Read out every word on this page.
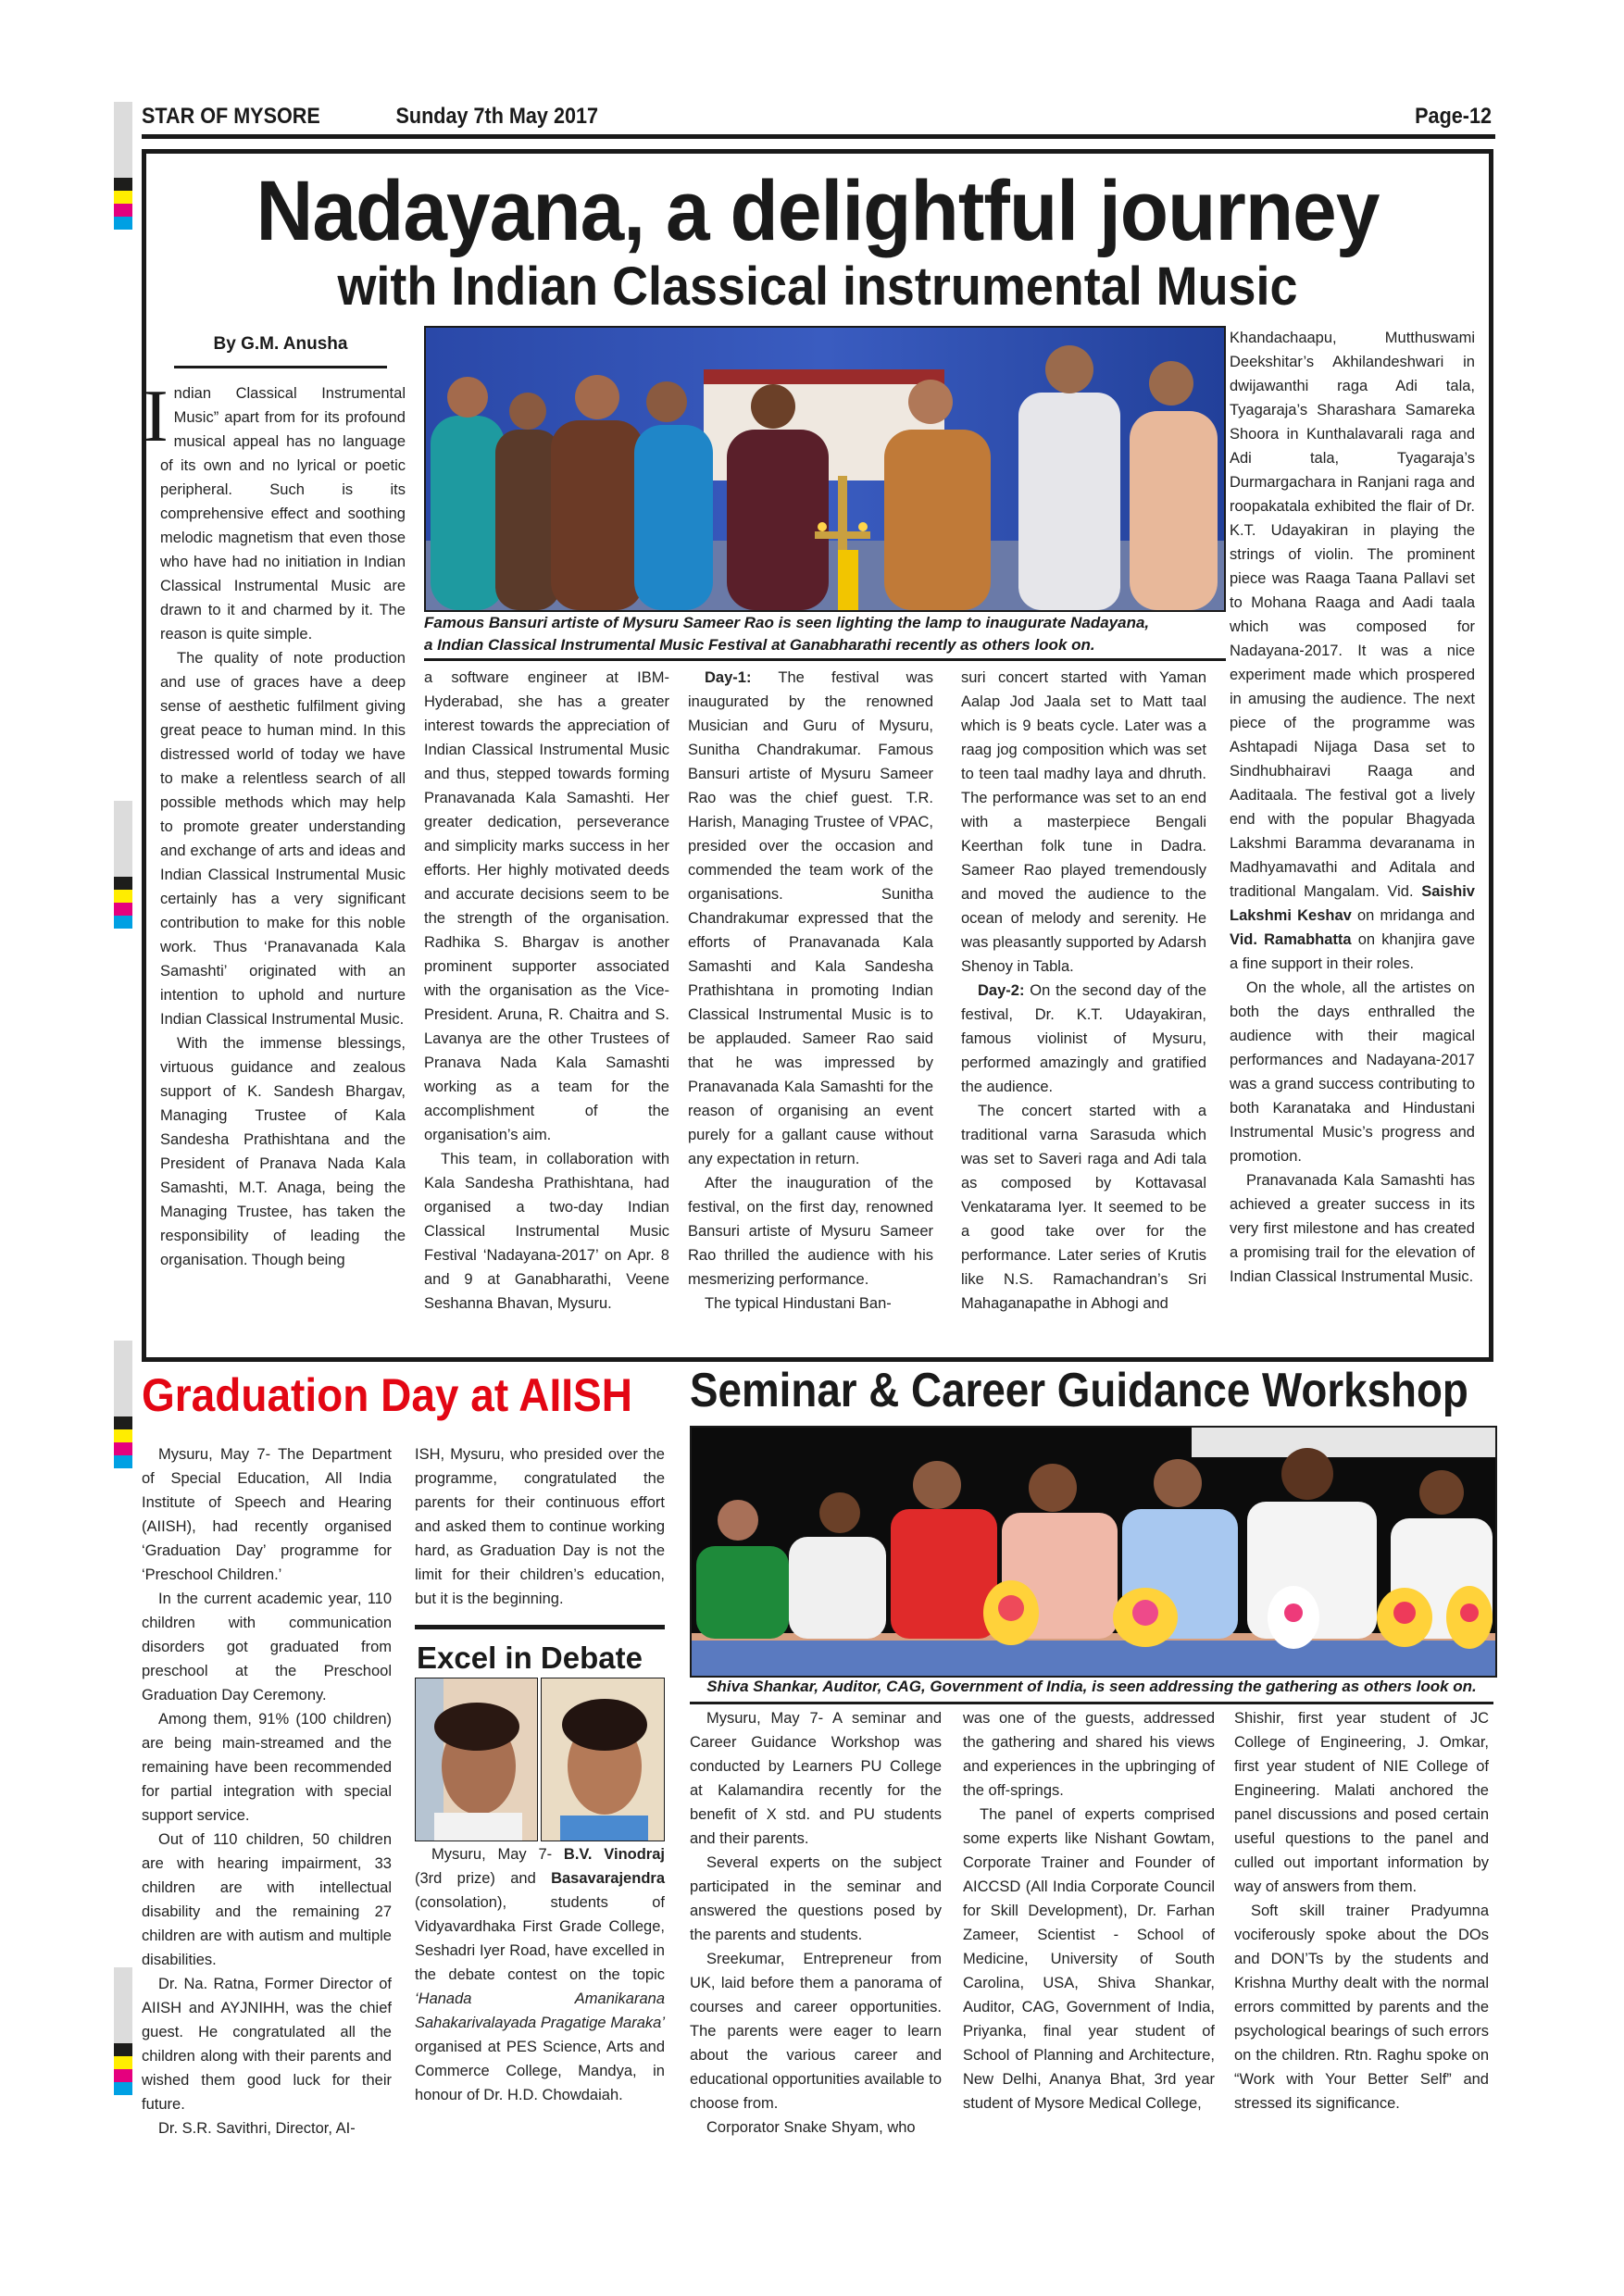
STAR OF MYSORE	Sunday 7th May 2017	Page-12
Nadayana, a delightful journey
with Indian Classical instrumental Music
By G.M. Anusha
Famous Bansuri artiste of Mysuru Sameer Rao is seen lighting the lamp to inaugurate Nadayana,
a Indian Classical Instrumental Music Festival at Ganabharathi recently as others look on.

Indian Classical Instrumental Music” apart from for its profound musical appeal has no language of its own and no lyrical or poetic peripheral. Such is its comprehensive effect and soothing melodic magnetism that even those who have had no initiation in Indian Classical Instrumental Music are drawn to it and charmed by it. The reason is quite simple.

The quality of note production and use of graces have a deep sense of aesthetic fulfilment giving great peace to human mind. In this distressed world of today we have to make a relentless search of all possible methods which may help to promote greater understanding and exchange of arts and ideas and Indian Classical Instrumental Music certainly has a very significant contribution to make for this noble work. Thus ‘Pranavanada Kala Samashti’ originated with an intention to uphold and nurture Indian Classical Instrumental Music.

With the immense blessings, virtuous guidance and zealous support of K. Sandesh Bhargav, Managing Trustee of Kala Sandesha Prathishtana and the President of Pranava Nada Kala Samashti, M.T. Anaga, being the Managing Trustee, has taken the responsibility of leading the organisation. Though being

a software engineer at IBM-Hyderabad, she has a greater interest towards the appreciation of Indian Classical Instrumental Music and thus, stepped towards forming Pranavanada Kala Samashti. Her greater dedication, perseverance and simplicity marks success in her efforts. Her highly motivated deeds and accurate decisions seem to be the strength of the organisation. Radhika S. Bhargav is another prominent supporter associated with the organisation as the Vice-President. Aruna, R. Chaitra and S. Lavanya are the other Trustees of Pranava Nada Kala Samashti working as a team for the accomplishment of the organisation’s aim.

This team, in collaboration with Kala Sandesha Prathishtana, had organised a two-day Indian Classical Instrumental Music Festival ‘Nadayana-2017’ on Apr. 8 and 9 at Ganabharathi, Veene Seshanna Bhavan, Mysuru.

Day-1: The festival was inaugurated by the renowned Musician and Guru of Mysuru, Sunitha Chandrakumar. Famous Bansuri artiste of Mysuru Sameer Rao was the chief guest. T.R. Harish, Managing Trustee of VPAC, presided over the occasion and commended the team work of the organisations. Sunitha Chandrakumar expressed that the efforts of Pranavanada Kala Samashti and Kala Sandesha Prathishtana in promoting Indian Classical Instrumental Music is to be applauded. Sameer Rao said that he was impressed by Pranavanada Kala Samashti for the reason of organising an event purely for a gallant cause without any expectation in return.

After the inauguration of the festival, on the first day, renowned Bansuri artiste of Mysuru Sameer Rao thrilled the audience with his mesmerizing performance.

The typical Hindustani Ban-

suri concert started with Yaman Aalap Jod Jaala set to Matt taal which is 9 beats cycle. Later was a raag jog composition which was set to teen taal madhy laya and dhruth. The performance was set to an end with a masterpiece Bengali Keerthan folk tune in Dadra. Sameer Rao played tremendously and moved the audience to the ocean of melody and serenity. He was pleasantly supported by Adarsh Shenoy in Tabla.

Day-2: On the second day of the festival, Dr. K.T. Udayakiran, famous violinist of Mysuru, performed amazingly and gratified the audience.

The concert started with a traditional varna Sarasuda which was set to Saveri raga and Adi tala as composed by Kottavasal Venkatarama Iyer. It seemed to be a good take over for the performance. Later series of Krutis like N.S. Ramachandran’s Sri Mahaganapathe in Abhogi and

Khandachaapu, Mutthuswami Deekshitar’s Akhilandeshwari in dwijawanthi raga Adi tala, Tyagaraja’s Sharashara Samareka Shoora in Kunthalavarali raga and Adi tala, Tyagaraja’s Durmargachara in Ranjani raga and roopakatala exhibited the flair of Dr. K.T. Udayakiran in playing the strings of violin. The prominent piece was Raaga Taana Pallavi set to Mohana Raaga and Aadi taala which was composed for Nadayana-2017. It was a nice experiment made which prospered in amusing the audience. The next piece of the programme was Ashtapadi Nijaga Dasa set to Sindhubhairavi Raaga and Aaditaala. The festival got a lively end with the popular Bhagyada Lakshmi Baramma devaranama in Madhyamavathi and Aditala and traditional Mangalam. Vid. Saishiv Lakshmi Keshav on mridanga and Vid. Ramabhatta on khanjira gave a fine support in their roles.

On the whole, all the artistes on both the days enthralled the audience with their magical performances and Nadayana-2017 was a grand success contributing to both Karanataka and Hindustani Instrumental Music’s progress and promotion.

Pranavanada Kala Samashti has achieved a greater success in its very first milestone and has created a promising trail for the elevation of Indian Classical Instrumental Music.

Graduation Day at AIISH

Mysuru, May 7- The Department of Special Education, All India Institute of Speech and Hearing (AIISH), had recently organised ‘Graduation Day’ programme for ‘Preschool Children.’

In the current academic year, 110 children with communication disorders got graduated from preschool at the Preschool Graduation Day Ceremony.

Among them, 91% (100 children) are being main-streamed and the remaining have been recommended for partial integration with special support service.

Out of 110 children, 50 children are with hearing impairment, 33 children are with intellectual disability and the remaining 27 children are with autism and multiple disabilities.

Dr. Na. Ratna, Former Director of AIISH and AYJNIHH, was the chief guest. He congratulated all the children along with their parents and wished them good luck for their future.

Dr. S.R. Savithri, Director, AI-

ISH, Mysuru, who presided over the programme, congratulated the parents for their continuous effort and asked them to continue working hard, as Graduation Day is not the limit for their children’s education, but it is the beginning.

Excel in Debate

Mysuru, May 7- B.V. Vinodraj (3rd prize) and Basavarajendra (consolation), students of Vidyavardhaka First Grade College, Seshadri Iyer Road, have excelled in the debate contest on the topic ‘Hanada Amanikarana Sahakarivalayada Pragatige Maraka’ organised at PES Science, Arts and Commerce College, Mandya, in honour of Dr. H.D. Chowdaiah.

Seminar & Career Guidance Workshop
Shiva Shankar, Auditor, CAG, Government of India, is seen addressing the gathering as others look on.

Mysuru, May 7- A seminar and Career Guidance Workshop was conducted by Learners PU College at Kalamandira recently for the benefit of X std. and PU students and their parents.

Several experts on the subject participated in the seminar and answered the questions posed by the parents and students.

Sreekumar, Entrepreneur from UK, laid before them a panorama of courses and career opportunities. The parents were eager to learn about the various career and educational opportunities available to choose from.

Corporator Snake Shyam, who

was one of the guests, addressed the gathering and shared his views and experiences in the upbringing of the off-springs.

The panel of experts comprised some experts like Nishant Gowtam, Corporate Trainer and Founder of AICCSD (All India Corporate Council for Skill Development), Dr. Farhan Zameer, Scientist - School of Medicine, University of South Carolina, USA, Shiva Shankar, Auditor, CAG, Government of India, Priyanka, final year student of School of Planning and Architecture, New Delhi, Ananya Bhat, 3rd year student of Mysore Medical College,

Shishir, first year student of JC College of Engineering, J. Omkar, first year student of NIE College of Engineering. Malati anchored the panel discussions and posed certain useful questions to the panel and culled out important information by way of answers from them.

Soft skill trainer Pradyumna vociferously spoke about the DOs and DON’Ts by the students and Krishna Murthy dealt with the normal errors committed by parents and the psychological bearings of such errors on the children. Rtn. Raghu spoke on “Work with Your Better Self” and stressed its significance.
